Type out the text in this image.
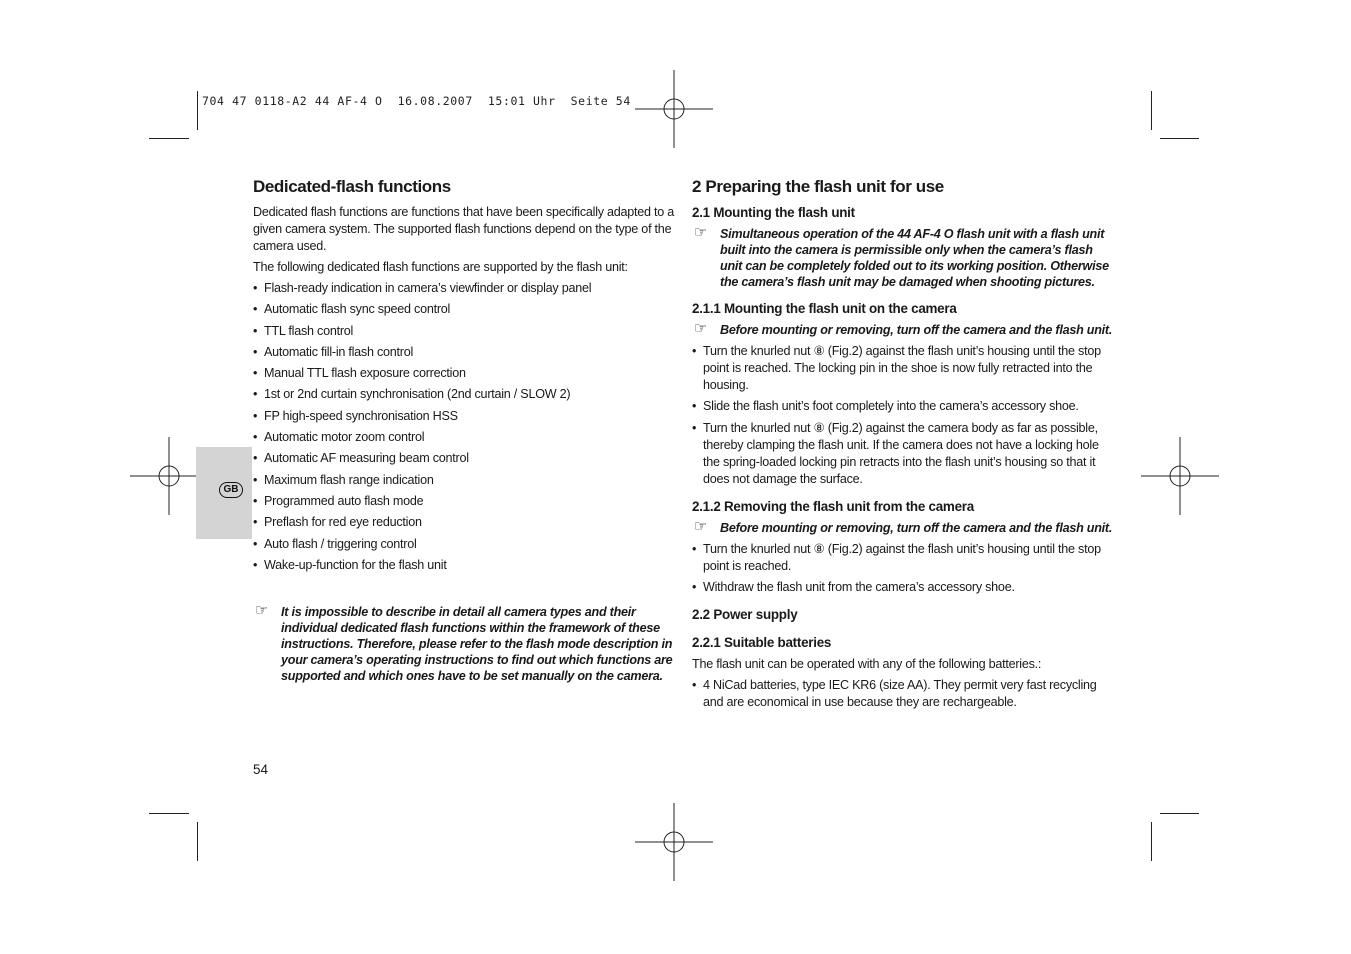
704 47 0118-A2 44 AF-4 O  16.08.2007  15:01 Uhr  Seite 54
GB
Dedicated-flash functions
Dedicated flash functions are functions that have been specifically adapted to a given camera system. The supported flash functions depend on the type of the camera used.
The following dedicated flash functions are supported by the flash unit:
• Flash-ready indication in camera’s viewfinder or display panel
• Automatic flash sync speed control
• TTL flash control
• Automatic fill-in flash control
• Manual TTL flash exposure correction
• 1st or 2nd curtain synchronisation (2nd curtain / SLOW 2)
• FP high-speed synchronisation HSS
• Automatic motor zoom control
• Automatic AF measuring beam control
• Maximum flash range indication
• Programmed auto flash mode
• Preflash for red eye reduction
• Auto flash / triggering control
• Wake-up-function for the flash unit
☞ It is impossible to describe in detail all camera types and their individual dedicated flash functions within the framework of these instructions. Therefore, please refer to the flash mode description in your camera’s operating instructions to find out which functions are supported and which ones have to be set manually on the camera.
2 Preparing the flash unit for use
2.1 Mounting the flash unit
☞ Simultaneous operation of the 44 AF-4 O flash unit with a flash unit built into the camera is permissible only when the camera’s flash unit can be completely folded out to its working position. Otherwise the camera’s flash unit may be damaged when shooting pictures.
2.1.1 Mounting the flash unit on the camera
☞ Before mounting or removing, turn off the camera and the flash unit.
• Turn the knurled nut ⑧ (Fig.2) against the flash unit’s housing until the stop point is reached. The locking pin in the shoe is now fully retracted into the housing.
• Slide the flash unit’s foot completely into the camera’s accessory shoe.
• Turn the knurled nut ⑧ (Fig.2) against the camera body as far as possible, thereby clamping the flash unit. If the camera does not have a locking hole the spring-loaded locking pin retracts into the flash unit’s housing so that it does not damage the surface.
2.1.2 Removing the flash unit from the camera
☞ Before mounting or removing, turn off the camera and the flash unit.
• Turn the knurled nut ⑧ (Fig.2) against the flash unit’s housing until the stop point is reached.
• Withdraw the flash unit from the camera’s accessory shoe.
2.2 Power supply
2.2.1 Suitable batteries
The flash unit can be operated with any of the following batteries.:
• 4 NiCad batteries, type IEC KR6 (size AA). They permit very fast recycling and are economical in use because they are rechargeable.
54
